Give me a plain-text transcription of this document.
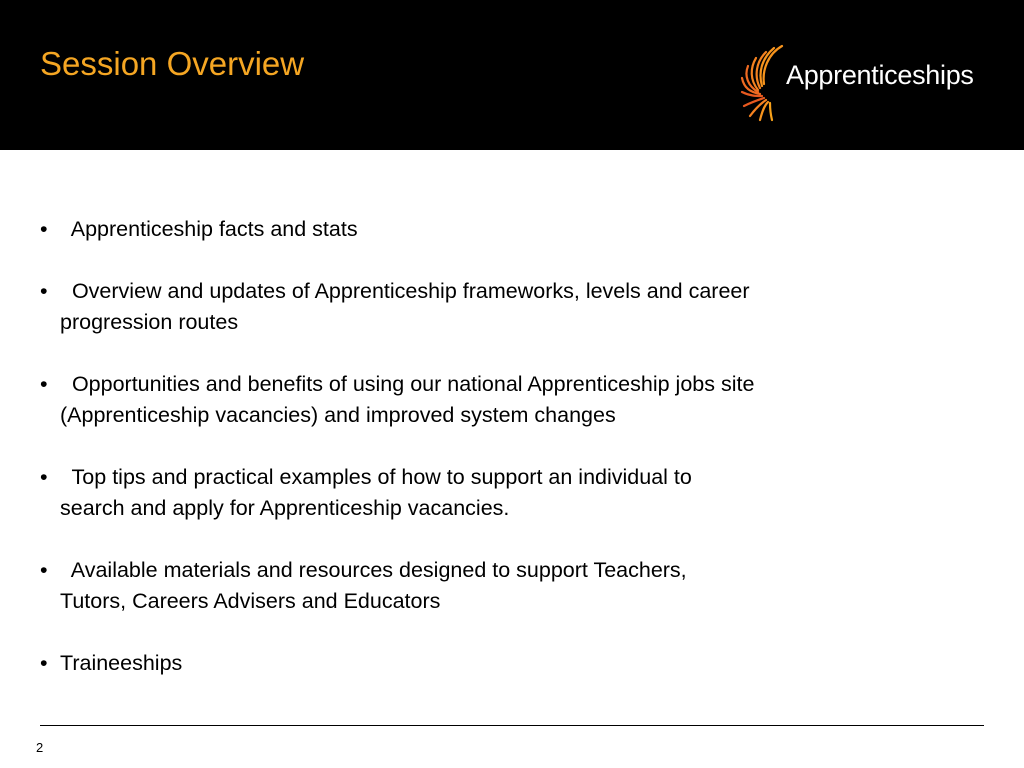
Session Overview	Apprenticeships
• Apprenticeship facts and stats
• Overview and updates of Apprenticeship frameworks, levels and career
progression routes
• Opportunities and benefits of using our national Apprenticeship jobs site
(Apprenticeship vacancies) and improved system changes
• Top tips and practical examples of how to support an individual to
search and apply for Apprenticeship vacancies.
• Available materials and resources designed to support Teachers,
Tutors, Careers Advisers and Educators
• Traineeships
2
